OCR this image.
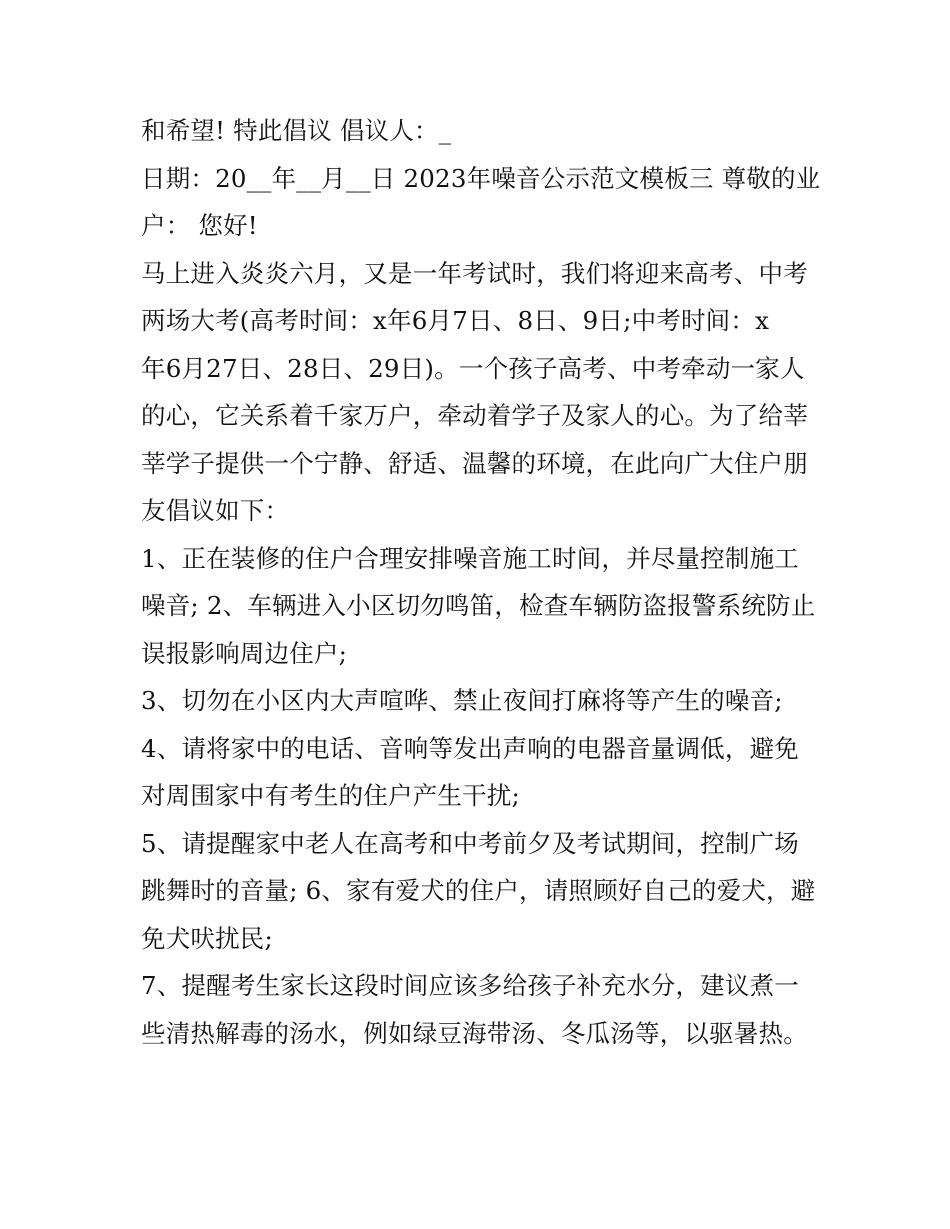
和希望! 特此倡议 倡议人：_
日期：20__年__月__日 2023年噪音公示范文模板三 尊敬的业
户： 您好!
马上进入炎炎六月，又是一年考试时，我们将迎来高考、中考
两场大考(高考时间：x年6月7日、8日、9日;中考时间：x
年6月27日、28日、29日)。一个孩子高考、中考牵动一家人
的心，它关系着千家万户，牵动着学子及家人的心。为了给莘
莘学子提供一个宁静、舒适、温馨的环境，在此向广大住户朋
友倡议如下：
1、正在装修的住户合理安排噪音施工时间，并尽量控制施工
噪音; 2、车辆进入小区切勿鸣笛，检查车辆防盗报警系统防止
误报影响周边住户;
3、切勿在小区内大声喧哗、禁止夜间打麻将等产生的噪音;
4、请将家中的电话、音响等发出声响的电器音量调低，避免
对周围家中有考生的住户产生干扰;
5、请提醒家中老人在高考和中考前夕及考试期间，控制广场
跳舞时的音量; 6、家有爱犬的住户，请照顾好自己的爱犬，避
免犬吠扰民;
7、提醒考生家长这段时间应该多给孩子补充水分，建议煮一
些清热解毒的汤水，例如绿豆海带汤、冬瓜汤等，以驱暑热。
